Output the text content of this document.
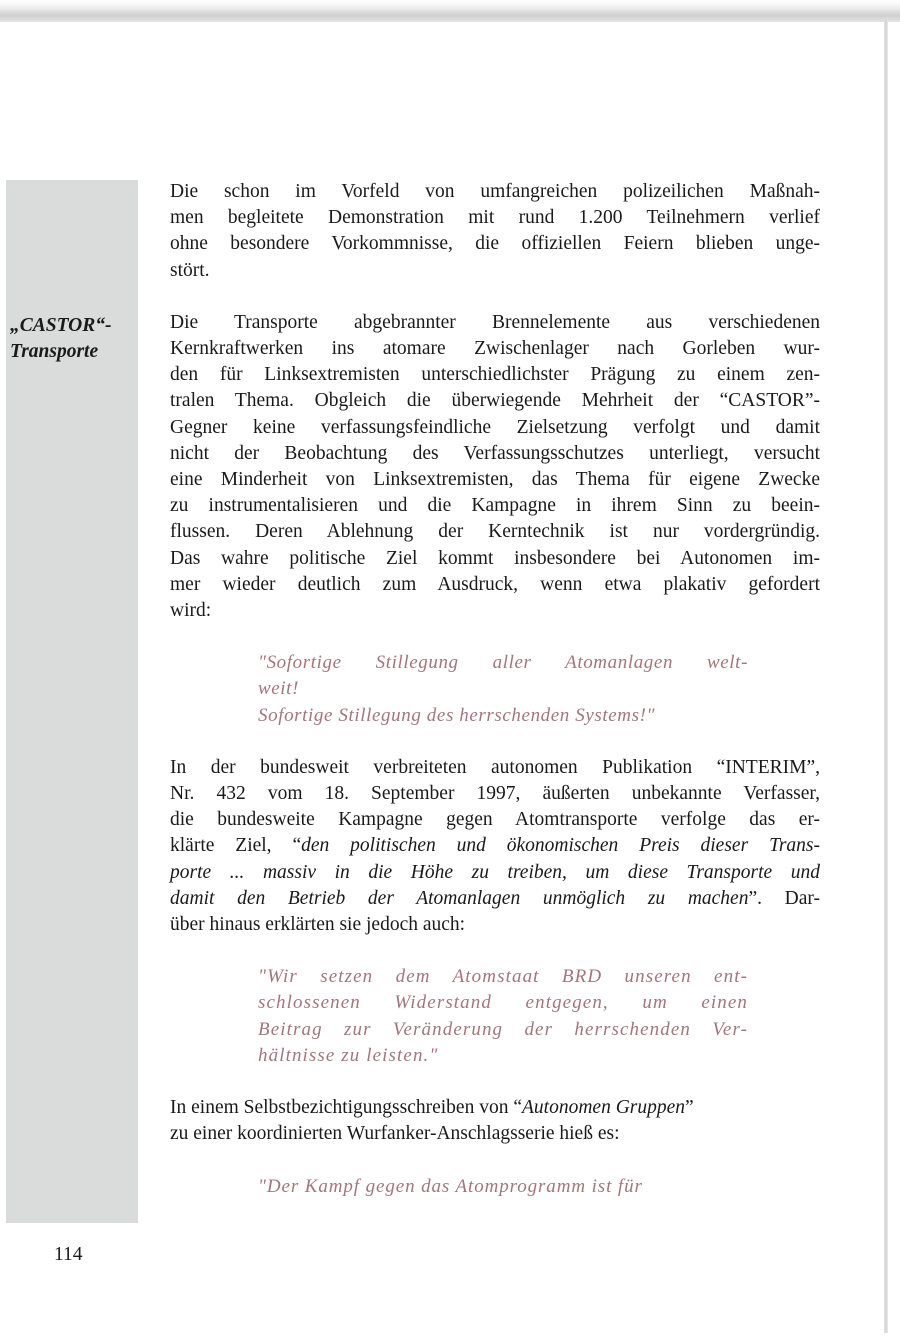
„CASTOR“-
Transporte

Die schon im Vorfeld von umfangreichen polizeilichen Maßnah-
men begleitete Demonstration mit rund 1.200 Teilnehmern verlief
ohne besondere Vorkommnisse, die offiziellen Feiern blieben unge-
stört.

Die Transporte abgebrannter Brennelemente aus verschiedenen
Kernkraftwerken ins atomare Zwischenlager nach Gorleben wur-
den für Linksextremisten unterschiedlichster Prägung zu einem zen-
tralen Thema. Obgleich die überwiegende Mehrheit der “CASTOR”-
Gegner keine verfassungsfeindliche Zielsetzung verfolgt und damit
nicht der Beobachtung des Verfassungsschutzes unterliegt, versucht
eine Minderheit von Linksextremisten, das Thema für eigene Zwecke
zu instrumentalisieren und die Kampagne in ihrem Sinn zu beein-
flussen. Deren Ablehnung der Kerntechnik ist nur vordergründig.
Das wahre politische Ziel kommt insbesondere bei Autonomen im-
mer wieder deutlich zum Ausdruck, wenn etwa plakativ gefordert
wird:

"Sofortige Stillegung aller Atomanlagen welt-
weit!
Sofortige Stillegung des herrschenden Systems!"

In der bundesweit verbreiteten autonomen Publikation “INTERIM”,
Nr. 432 vom 18. September 1997, äußerten unbekannte Verfasser,
die bundesweite Kampagne gegen Atomtransporte verfolge das er-
klärte Ziel, “den politischen und ökonomischen Preis dieser Trans-
porte ... massiv in die Höhe zu treiben, um diese Transporte und
damit den Betrieb der Atomanlagen unmöglich zu machen”. Dar-
über hinaus erklärten sie jedoch auch:

"Wir setzen dem Atomstaat BRD unseren ent-
schlossenen Widerstand entgegen, um einen
Beitrag zur Veränderung der herrschenden Ver-
hältnisse zu leisten."

In einem Selbstbezichtigungsschreiben von “Autonomen Gruppen”
zu einer koordinierten Wurfanker-Anschlagsserie hieß es:

"Der Kampf gegen das Atomprogramm ist für
114
